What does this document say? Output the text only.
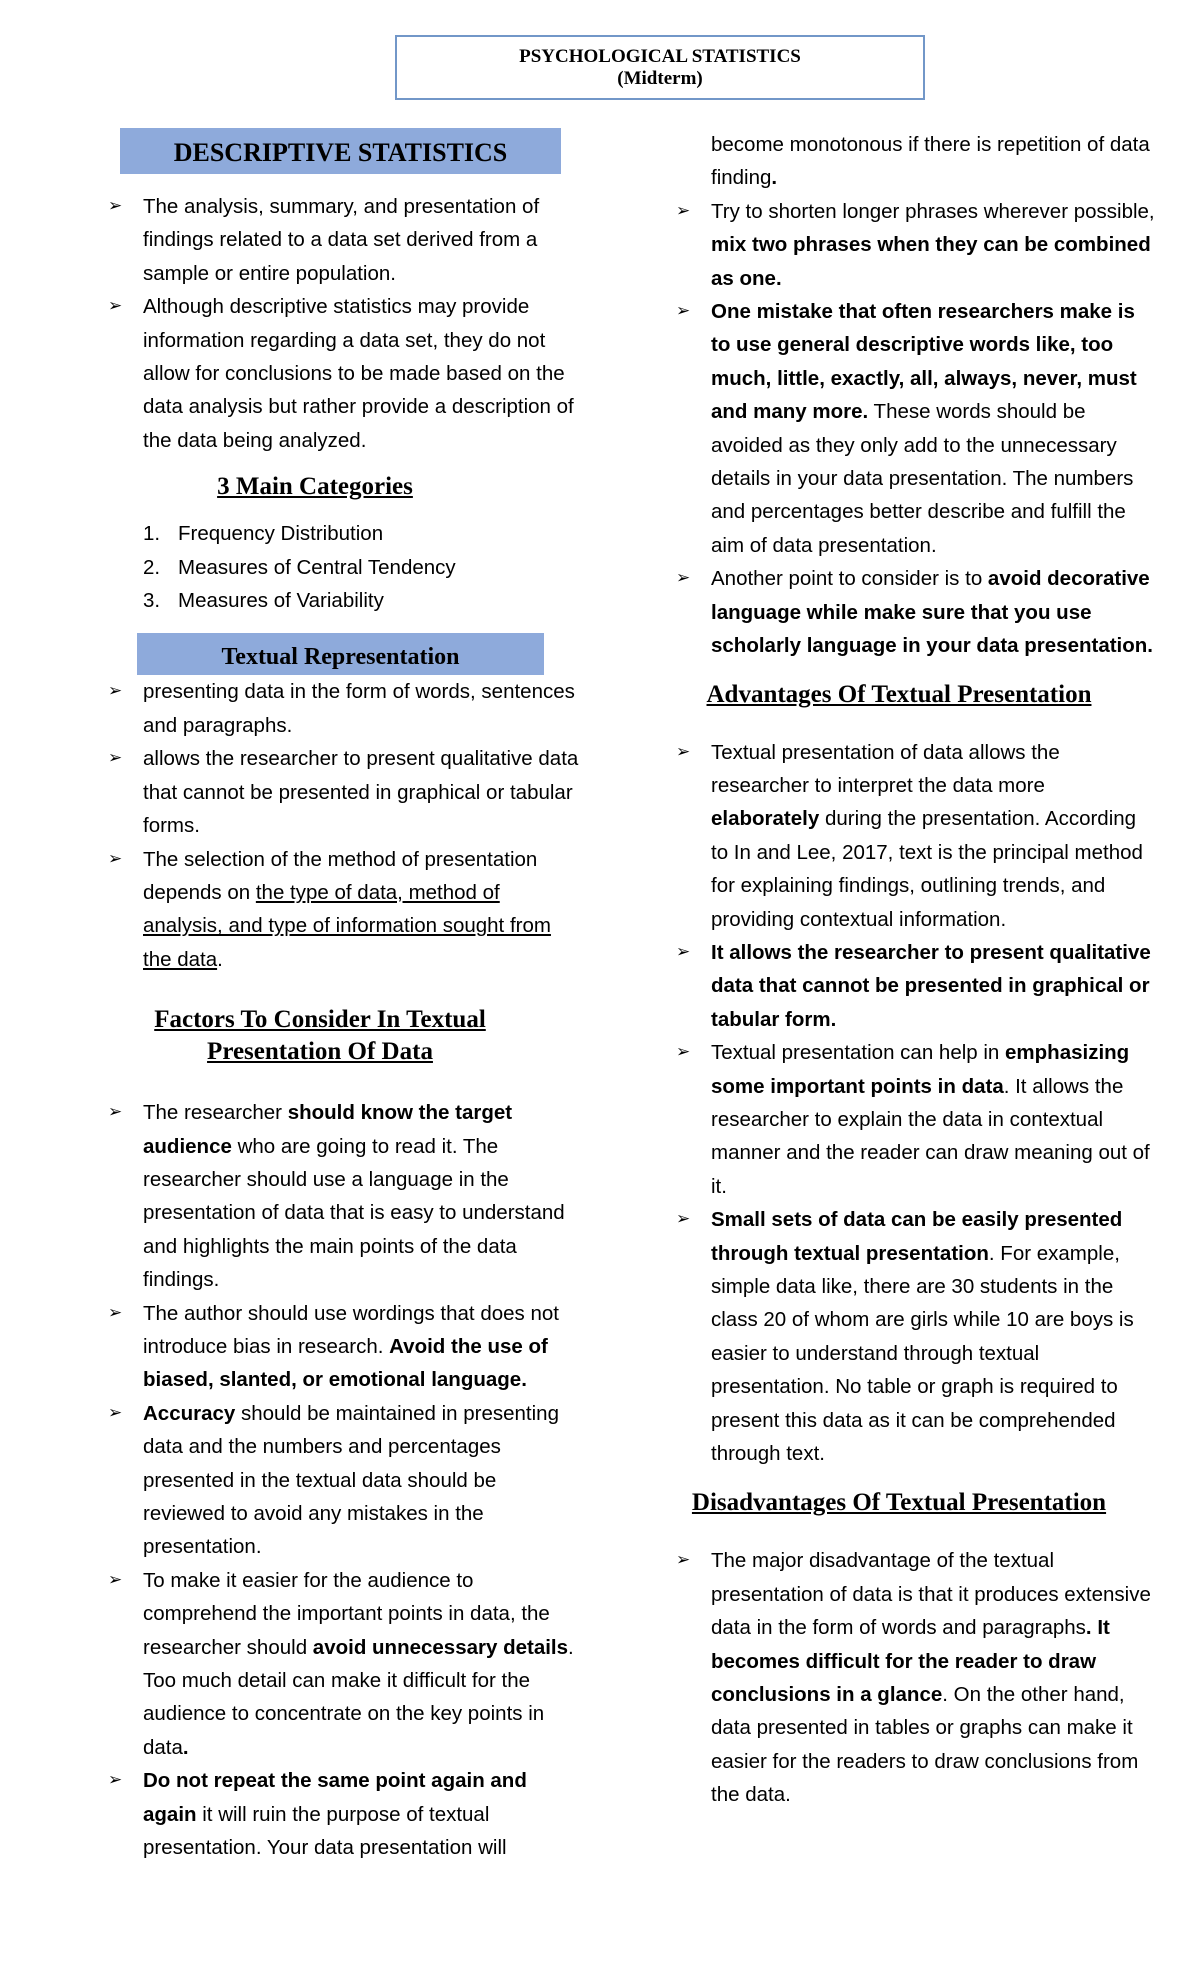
PSYCHOLOGICAL STATISTICS
(Midterm)
DESCRIPTIVE STATISTICS
➢ The analysis, summary, and presentation of findings related to a data set derived from a sample or entire population.
➢ Although descriptive statistics may provide information regarding a data set, they do not allow for conclusions to be made based on the data analysis but rather provide a description of the data being analyzed.
3 Main Categories
1. Frequency Distribution
2. Measures of Central Tendency
3. Measures of Variability
Textual Representation
➢ presenting data in the form of words, sentences and paragraphs.
➢ allows the researcher to present qualitative data that cannot be presented in graphical or tabular forms.
➢ The selection of the method of presentation depends on the type of data, method of analysis, and type of information sought from the data.
Factors To Consider In Textual
Presentation Of Data
➢ The researcher should know the target audience who are going to read it. The researcher should use a language in the presentation of data that is easy to understand and highlights the main points of the data findings.
➢ The author should use wordings that does not introduce bias in research. Avoid the use of biased, slanted, or emotional language.
➢ Accuracy should be maintained in presenting data and the numbers and percentages presented in the textual data should be reviewed to avoid any mistakes in the presentation.
➢ To make it easier for the audience to comprehend the important points in data, the researcher should avoid unnecessary details. Too much detail can make it difficult for the audience to concentrate on the key points in data.
➢ Do not repeat the same point again and again it will ruin the purpose of textual presentation. Your data presentation will

become monotonous if there is repetition of data finding.

➢ Try to shorten longer phrases wherever possible, mix two phrases when they can be combined as one.
➢ One mistake that often researchers make is to use general descriptive words like, too much, little, exactly, all, always, never, must and many more. These words should be avoided as they only add to the unnecessary details in your data presentation. The numbers and percentages better describe and fulfill the aim of data presentation.
➢ Another point to consider is to avoid decorative language while make sure that you use scholarly language in your data presentation.
Advantages Of Textual Presentation
➢ Textual presentation of data allows the researcher to interpret the data more elaborately during the presentation. According to In and Lee, 2017, text is the principal method for explaining findings, outlining trends, and providing contextual information.
➢ It allows the researcher to present qualitative data that cannot be presented in graphical or tabular form.
➢ Textual presentation can help in emphasizing some important points in data. It allows the researcher to explain the data in contextual manner and the reader can draw meaning out of it.
➢ Small sets of data can be easily presented through textual presentation. For example, simple data like, there are 30 students in the class 20 of whom are girls while 10 are boys is easier to understand through textual presentation. No table or graph is required to present this data as it can be comprehended through text.
Disadvantages Of Textual Presentation
➢ The major disadvantage of the textual presentation of data is that it produces extensive data in the form of words and paragraphs. It becomes difficult for the reader to draw conclusions in a glance. On the other hand, data presented in tables or graphs can make it easier for the readers to draw conclusions from the data.
